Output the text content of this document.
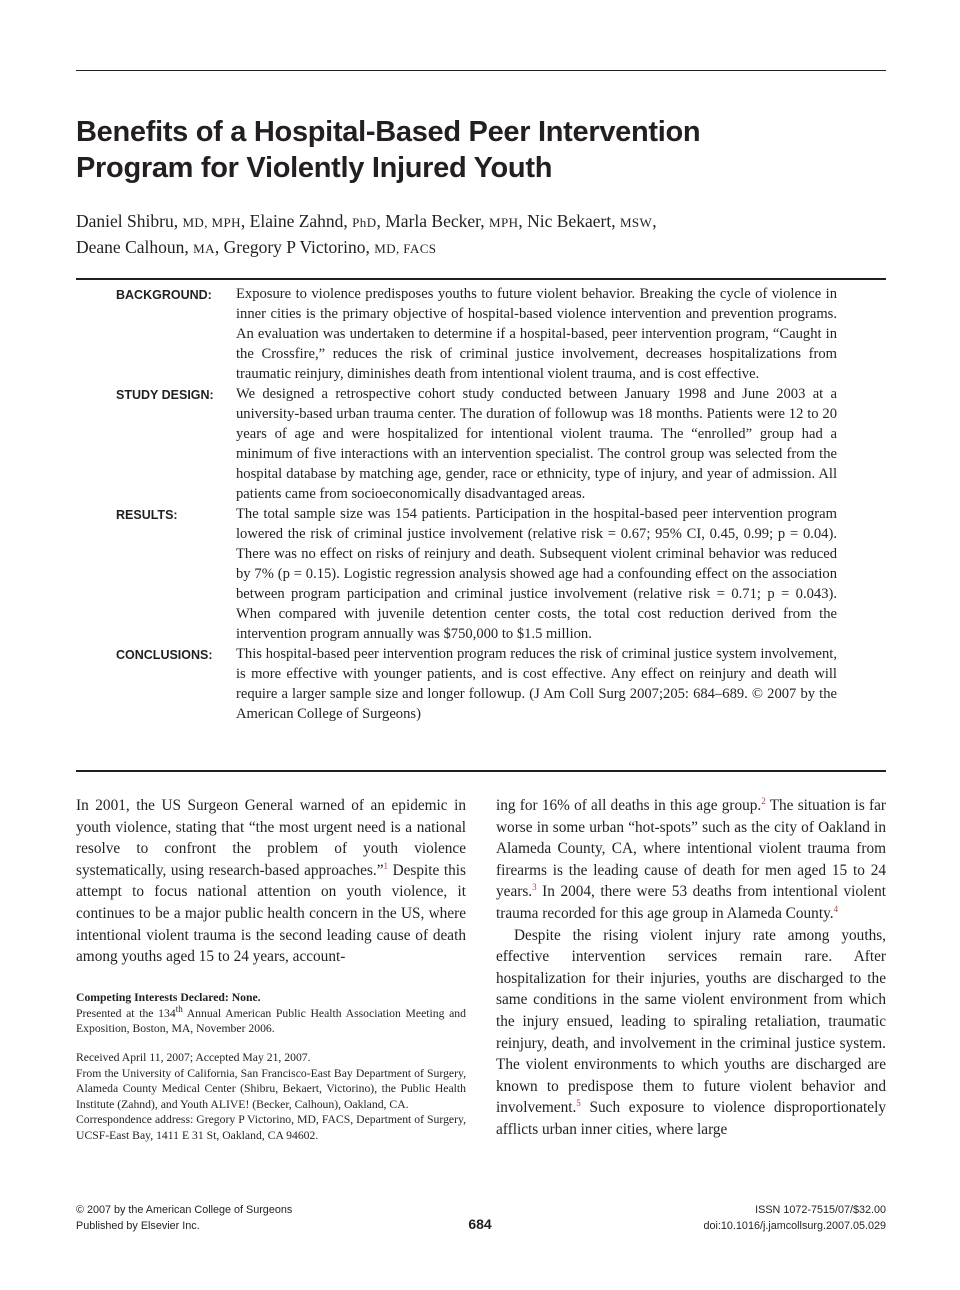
Benefits of a Hospital-Based Peer Intervention
Program for Violently Injured Youth
Daniel Shibru, MD, MPH, Elaine Zahnd, PhD, Marla Becker, MPH, Nic Bekaert, MSW,
Deane Calhoun, MA, Gregory P Victorino, MD, FACS
BACKGROUND:	Exposure to violence predisposes youths to future violent behavior. Breaking the cycle of violence in inner cities is the primary objective of hospital-based violence intervention and prevention programs. An evaluation was undertaken to determine if a hospital-based, peer intervention program, “Caught in the Crossfire,” reduces the risk of criminal justice involvement, decreases hospitalizations from traumatic reinjury, diminishes death from intentional violent trauma, and is cost effective.
STUDY DESIGN:	We designed a retrospective cohort study conducted between January 1998 and June 2003 at a university-based urban trauma center. The duration of followup was 18 months. Patients were 12 to 20 years of age and were hospitalized for intentional violent trauma. The “enrolled” group had a minimum of five interactions with an intervention specialist. The control group was selected from the hospital database by matching age, gender, race or ethnicity, type of injury, and year of admission. All patients came from socioeconomically disadvantaged areas.
RESULTS:	The total sample size was 154 patients. Participation in the hospital-based peer intervention program lowered the risk of criminal justice involvement (relative risk = 0.67; 95% CI, 0.45, 0.99; p = 0.04). There was no effect on risks of reinjury and death. Subsequent violent criminal behavior was reduced by 7% (p = 0.15). Logistic regression analysis showed age had a confounding effect on the association between program participation and criminal justice involvement (relative risk = 0.71; p = 0.043). When compared with juvenile detention center costs, the total cost reduction derived from the intervention program annually was $750,000 to $1.5 million.
CONCLUSIONS:	This hospital-based peer intervention program reduces the risk of criminal justice system involvement, is more effective with younger patients, and is cost effective. Any effect on reinjury and death will require a larger sample size and longer followup. (J Am Coll Surg 2007;205: 684–689. © 2007 by the American College of Surgeons)

In 2001, the US Surgeon General warned of an epidemic in youth violence, stating that “the most urgent need is a national resolve to confront the problem of youth violence systematically, using research-based approaches.”$^1$ Despite this attempt to focus national attention on youth violence, it continues to be a major public health concern in the US, where intentional violent trauma is the second leading cause of death among youths aged 15 to 24 years, account-

ing for 16% of all deaths in this age group.$^2$ The situation is far worse in some urban “hot-spots” such as the city of Oakland in Alameda County, CA, where intentional violent trauma from firearms is the leading cause of death for men aged 15 to 24 years.$^3$ In 2004, there were 53 deaths from intentional violent trauma recorded for this age group in Alameda County.$^4$

Despite the rising violent injury rate among youths, effective intervention services remain rare. After hospitalization for their injuries, youths are discharged to the same conditions in the same violent environment from which the injury ensued, leading to spiraling retaliation, traumatic reinjury, death, and involvement in the criminal justice system. The violent environments to which youths are discharged are known to predispose them to future violent behavior and involvement.$^5$ Such exposure to violence disproportionately afflicts urban inner cities, where large

Competing Interests Declared: None.

Presented at the 134th Annual American Public Health Association Meeting and Exposition, Boston, MA, November 2006.

Received April 11, 2007; Accepted May 21, 2007.

From the University of California, San Francisco-East Bay Department of Surgery, Alameda County Medical Center (Shibru, Bekaert, Victorino), the Public Health Institute (Zahnd), and Youth ALIVE! (Becker, Calhoun), Oakland, CA.

Correspondence address: Gregory P Victorino, MD, FACS, Department of Surgery, UCSF-East Bay, 1411 E 31 St, Oakland, CA 94602.

© 2007 by the American College of Surgeons
Published by Elsevier Inc.	684
ISSN 1072-7515/07/$32.00
doi:10.1016/j.jamcollsurg.2007.05.029
